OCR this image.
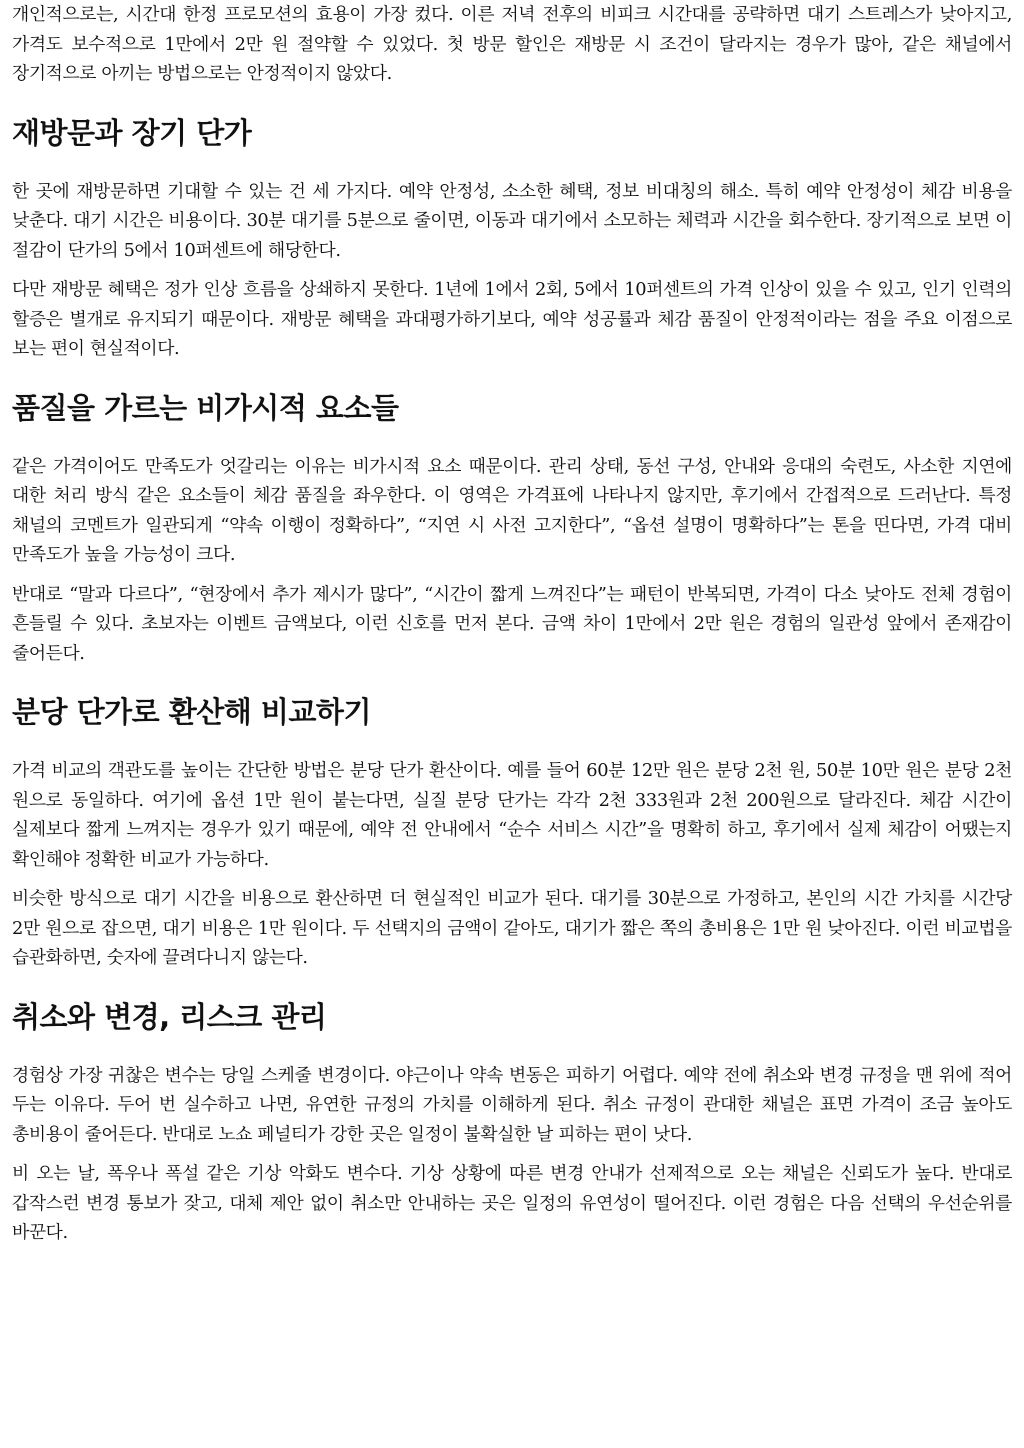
개인적으로는, 시간대 한정 프로모션의 효용이 가장 컸다. 이른 저녁 전후의 비피크 시간대를 공략하면 대기 스트레스가 낮아지고, 가격도 보수적으로 1만에서 2만 원 절약할 수 있었다. 첫 방문 할인은 재방문 시 조건이 달라지는 경우가 많아, 같은 채널에서 장기적으로 아끼는 방법으로는 안정적이지 않았다.

재방문과 장기 단가

한 곳에 재방문하면 기대할 수 있는 건 세 가지다. 예약 안정성, 소소한 혜택, 정보 비대칭의 해소. 특히 예약 안정성이 체감 비용을 낮춘다. 대기 시간은 비용이다. 30분 대기를 5분으로 줄이면, 이동과 대기에서 소모하는 체력과 시간을 회수한다. 장기적으로 보면 이 절감이 단가의 5에서 10퍼센트에 해당한다.

다만 재방문 혜택은 정가 인상 흐름을 상쇄하지 못한다. 1년에 1에서 2회, 5에서 10퍼센트의 가격 인상이 있을 수 있고, 인기 인력의 할증은 별개로 유지되기 때문이다. 재방문 혜택을 과대평가하기보다, 예약 성공률과 체감 품질이 안정적이라는 점을 주요 이점으로 보는 편이 현실적이다.

품질을 가르는 비가시적 요소들

같은 가격이어도 만족도가 엇갈리는 이유는 비가시적 요소 때문이다. 관리 상태, 동선 구성, 안내와 응대의 숙련도, 사소한 지연에 대한 처리 방식 같은 요소들이 체감 품질을 좌우한다. 이 영역은 가격표에 나타나지 않지만, 후기에서 간접적으로 드러난다. 특정 채널의 코멘트가 일관되게 “약속 이행이 정확하다”, “지연 시 사전 고지한다”, “옵션 설명이 명확하다”는 톤을 띤다면, 가격 대비 만족도가 높을 가능성이 크다.

반대로 “말과 다르다”, “현장에서 추가 제시가 많다”, “시간이 짧게 느껴진다”는 패턴이 반복되면, 가격이 다소 낮아도 전체 경험이 흔들릴 수 있다. 초보자는 이벤트 금액보다, 이런 신호를 먼저 본다. 금액 차이 1만에서 2만 원은 경험의 일관성 앞에서 존재감이 줄어든다.

분당 단가로 환산해 비교하기

가격 비교의 객관도를 높이는 간단한 방법은 분당 단가 환산이다. 예를 들어 60분 12만 원은 분당 2천 원, 50분 10만 원은 분당 2천 원으로 동일하다. 여기에 옵션 1만 원이 붙는다면, 실질 분당 단가는 각각 2천 333원과 2천 200원으로 달라진다. 체감 시간이 실제보다 짧게 느껴지는 경우가 있기 때문에, 예약 전 안내에서 “순수 서비스 시간”을 명확히 하고, 후기에서 실제 체감이 어땠는지 확인해야 정확한 비교가 가능하다.

비슷한 방식으로 대기 시간을 비용으로 환산하면 더 현실적인 비교가 된다. 대기를 30분으로 가정하고, 본인의 시간 가치를 시간당 2만 원으로 잡으면, 대기 비용은 1만 원이다. 두 선택지의 금액이 같아도, 대기가 짧은 쪽의 총비용은 1만 원 낮아진다. 이런 비교법을 습관화하면, 숫자에 끌려다니지 않는다.

취소와 변경, 리스크 관리

경험상 가장 귀찮은 변수는 당일 스케줄 변경이다. 야근이나 약속 변동은 피하기 어렵다. 예약 전에 취소와 변경 규정을 맨 위에 적어 두는 이유다. 두어 번 실수하고 나면, 유연한 규정의 가치를 이해하게 된다. 취소 규정이 관대한 채널은 표면 가격이 조금 높아도 총비용이 줄어든다. 반대로 노쇼 페널티가 강한 곳은 일정이 불확실한 날 피하는 편이 낫다.

비 오는 날, 폭우나 폭설 같은 기상 악화도 변수다. 기상 상황에 따른 변경 안내가 선제적으로 오는 채널은 신뢰도가 높다. 반대로 갑작스런 변경 통보가 잦고, 대체 제안 없이 취소만 안내하는 곳은 일정의 유연성이 떨어진다. 이런 경험은 다음 선택의 우선순위를 바꾼다.
